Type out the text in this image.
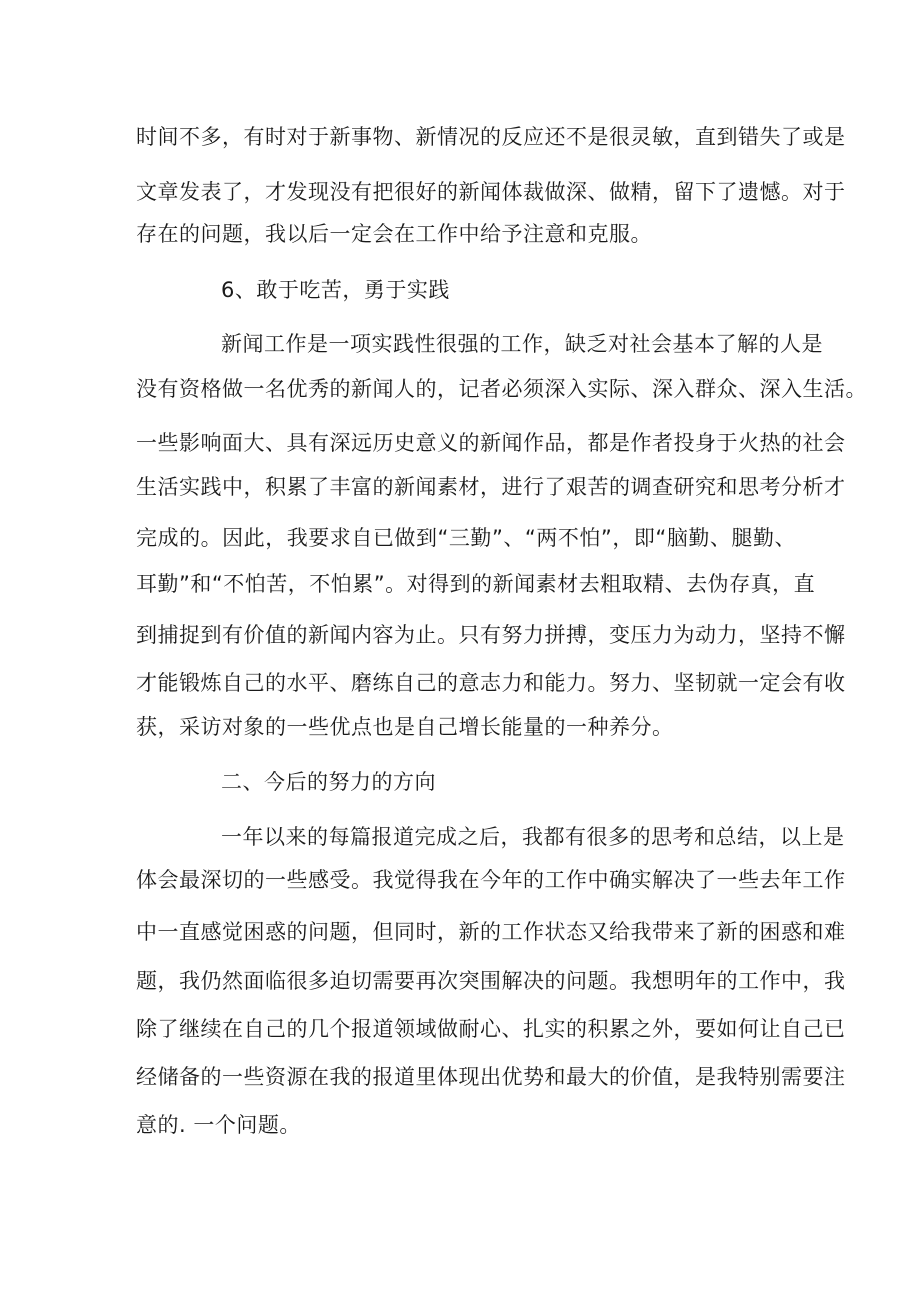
时间不多，有时对于新事物、新情况的反应还不是很灵敏，直到错失了或是

文章发表了，才发现没有把很好的新闻体裁做深、做精，留下了遗憾。对于

存在的问题，我以后一定会在工作中给予注意和克服。

6、敢于吃苦，勇于实践

新闻工作是一项实践性很强的工作，缺乏对社会基本了解的人是

没有资格做一名优秀的新闻人的，记者必须深入实际、深入群众、深入生活。

一些影响面大、具有深远历史意义的新闻作品，都是作者投身于火热的社会

生活实践中，积累了丰富的新闻素材，进行了艰苦的调查研究和思考分析才

完成的。因此，我要求自已做到“三勤”、“两不怕”，即“脑勤、腿勤、

耳勤”和“不怕苦，不怕累”。对得到的新闻素材去粗取精、去伪存真，直

到捕捉到有价值的新闻内容为止。只有努力拼搏，变压力为动力，坚持不懈

才能锻炼自己的水平、磨练自己的意志力和能力。努力、坚韧就一定会有收

获，采访对象的一些优点也是自己增长能量的一种养分。

二、今后的努力的方向

一年以来的每篇报道完成之后，我都有很多的思考和总结，以上是

体会最深切的一些感受。我觉得我在今年的工作中确实解决了一些去年工作

中一直感觉困惑的问题，但同时，新的工作状态又给我带来了新的困惑和难

题，我仍然面临很多迫切需要再次突围解决的问题。我想明年的工作中，我

除了继续在自己的几个报道领域做耐心、扎实的积累之外，要如何让自己已

经储备的一些资源在我的报道里体现出优势和最大的价值，是我特别需要注

意的. 一个问题。
